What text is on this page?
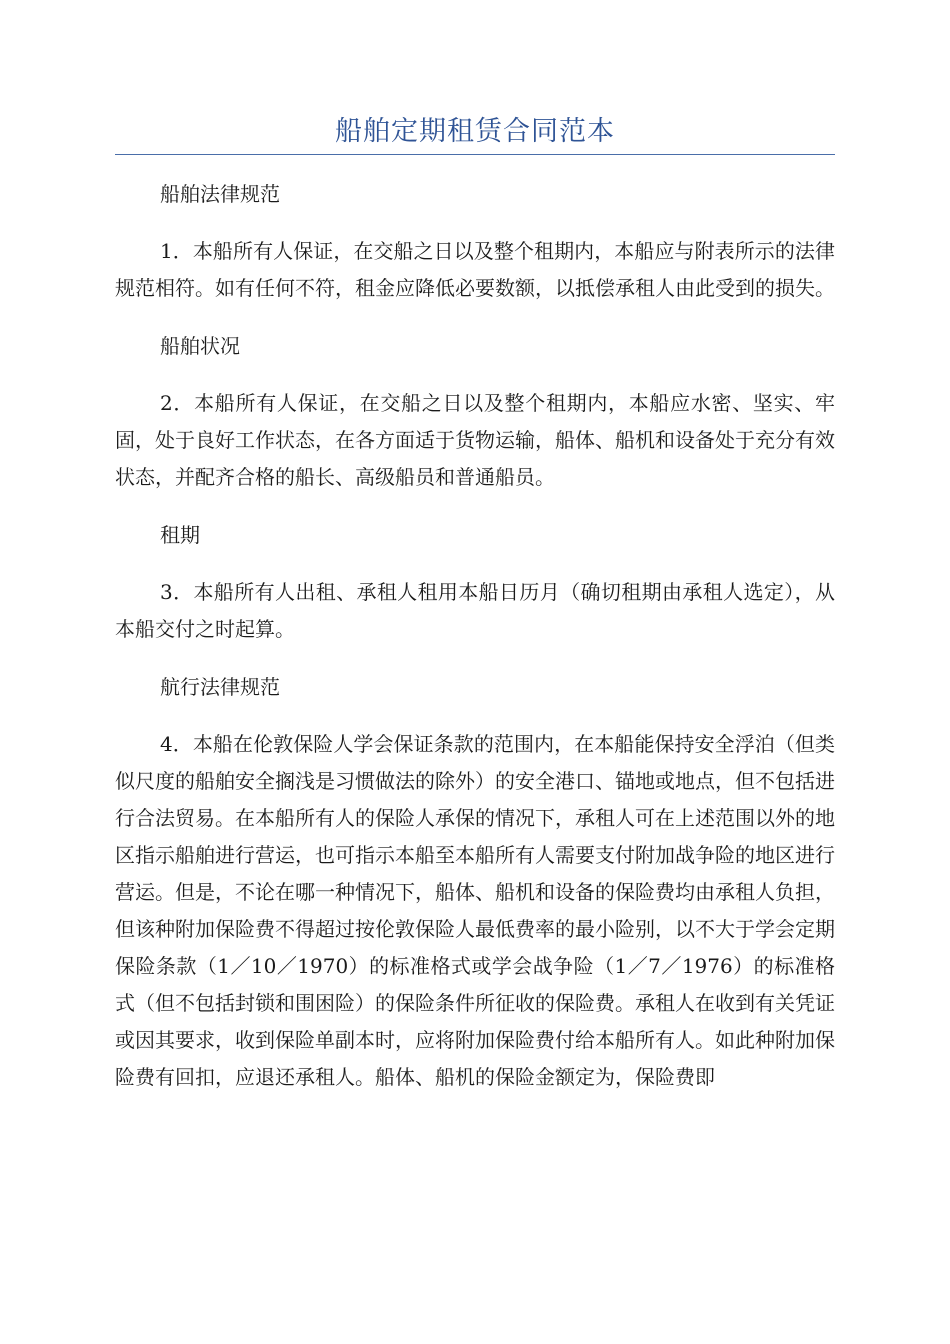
船舶定期租赁合同范本

船舶法律规范

1．本船所有人保证，在交船之日以及整个租期内，本船应与附表所示的法律规范相符。如有任何不符，租金应降低必要数额，以抵偿承租人由此受到的损失。

船舶状况

2．本船所有人保证，在交船之日以及整个租期内，本船应水密、坚实、牢固，处于良好工作状态，在各方面适于货物运输，船体、船机和设备处于充分有效状态，并配齐合格的船长、高级船员和普通船员。

租期

3．本船所有人出租、承租人租用本船日历月（确切租期由承租人选定），从本船交付之时起算。

航行法律规范

4．本船在伦敦保险人学会保证条款的范围内，在本船能保持安全浮泊（但类似尺度的船舶安全搁浅是习惯做法的除外）的安全港口、锚地或地点，但不包括进行合法贸易。在本船所有人的保险人承保的情况下，承租人可在上述范围以外的地区指示船舶进行营运，也可指示本船至本船所有人需要支付附加战争险的地区进行营运。但是，不论在哪一种情况下，船体、船机和设备的保险费均由承租人负担，但该种附加保险费不得超过按伦敦保险人最低费率的最小险别，以不大于学会定期保险条款（1／10／1970）的标准格式或学会战争险（1／7／1976）的标准格式（但不包括封锁和围困险）的保险条件所征收的保险费。承租人在收到有关凭证或因其要求，收到保险单副本时，应将附加保险费付给本船所有人。如此种附加保险费有回扣，应退还承租人。船体、船机的保险金额定为，保险费即
